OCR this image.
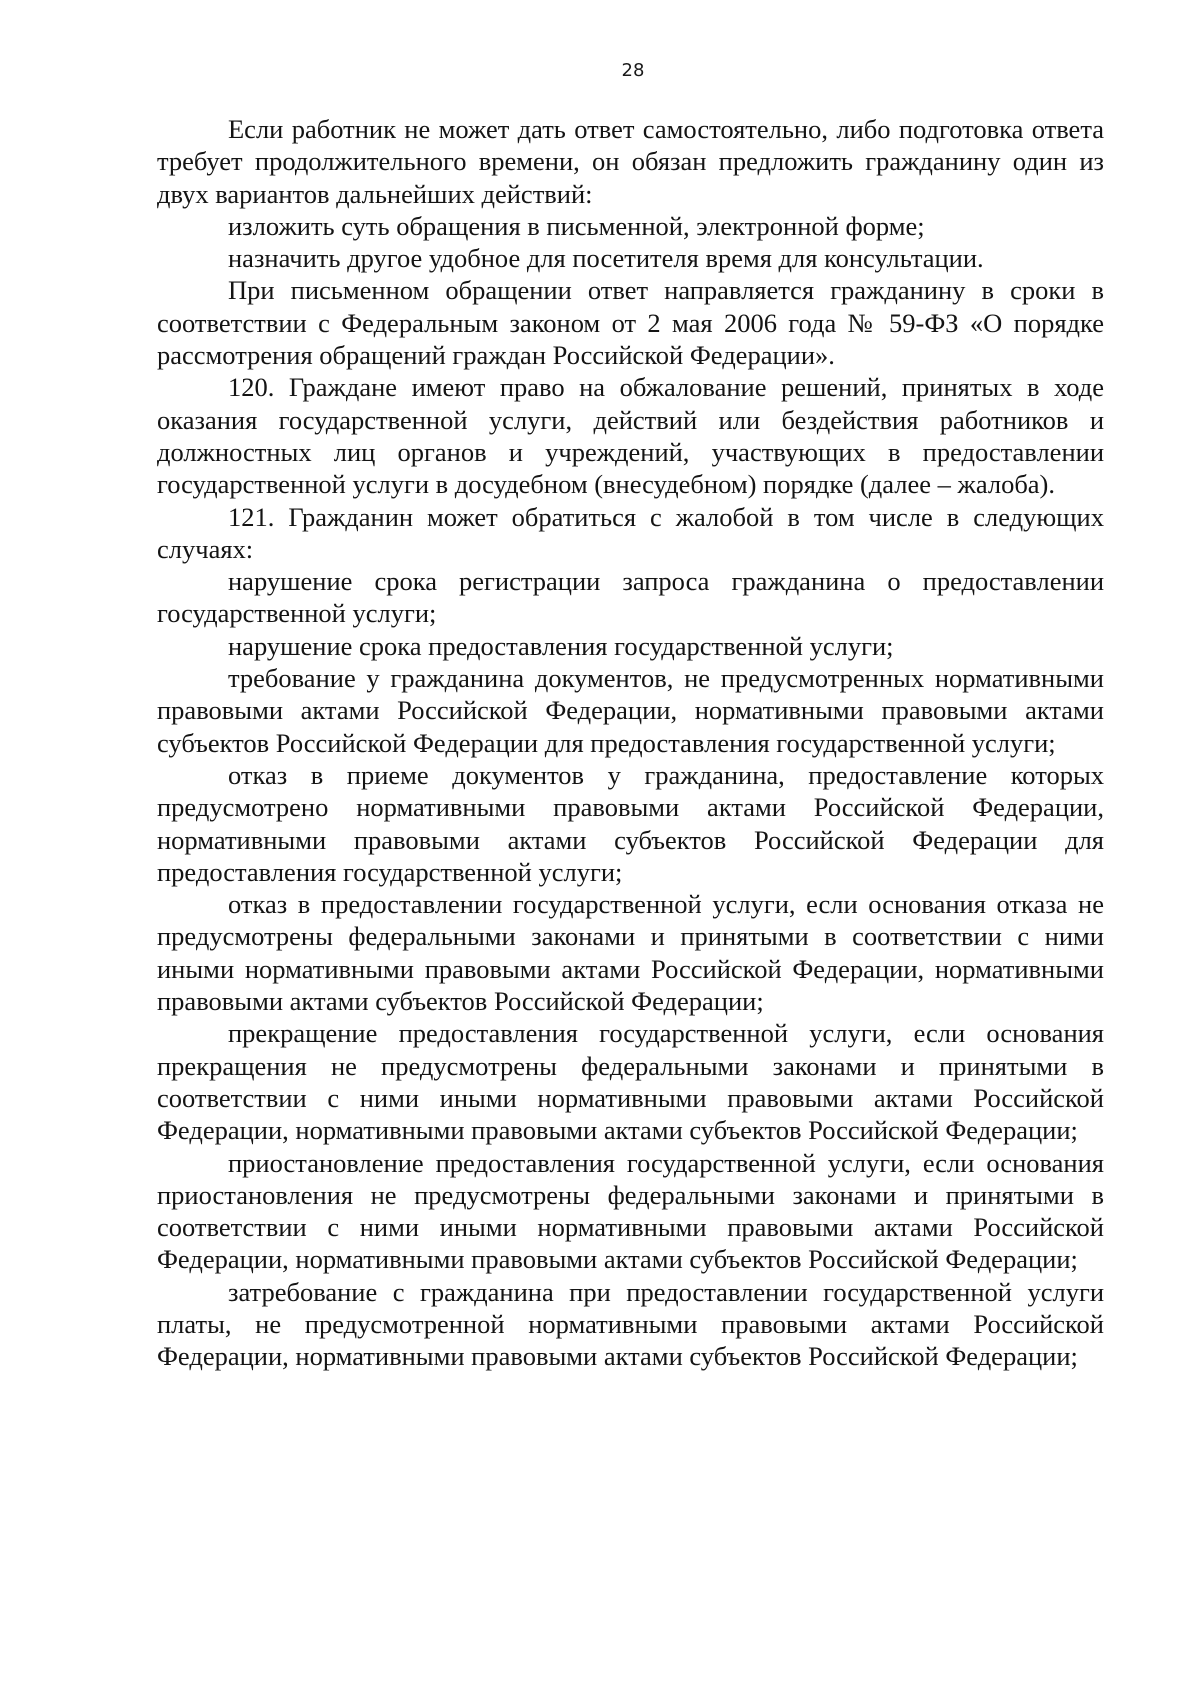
28

Если работник не может дать ответ самостоятельно, либо подготовка ответа требует продолжительного времени, он обязан предложить гражданину один из двух вариантов дальнейших действий:

изложить суть обращения в письменной, электронной форме;

назначить другое удобное для посетителя время для консультации.

При письменном обращении ответ направляется гражданину в сроки в соответствии с Федеральным законом от 2 мая 2006 года № 59-ФЗ «О порядке рассмотрения обращений граждан Российской Федерации».

120. Граждане имеют право на обжалование решений, принятых в ходе оказания государственной услуги, действий или бездействия работников и должностных лиц органов и учреждений, участвующих в предоставлении государственной услуги в досудебном (внесудебном) порядке (далее – жалоба).

121. Гражданин может обратиться с жалобой в том числе в следующих случаях:

нарушение срока регистрации запроса гражданина о предоставлении государственной услуги;

нарушение срока предоставления государственной услуги;

требование у гражданина документов, не предусмотренных нормативными правовыми актами Российской Федерации, нормативными правовыми актами субъектов Российской Федерации для предоставления государственной услуги;

отказ в приеме документов у гражданина, предоставление которых предусмотрено нормативными правовыми актами Российской Федерации, нормативными правовыми актами субъектов Российской Федерации для предоставления государственной услуги;

отказ в предоставлении государственной услуги, если основания отказа не предусмотрены федеральными законами и принятыми в соответствии с ними иными нормативными правовыми актами Российской Федерации, нормативными правовыми актами субъектов Российской Федерации;

прекращение предоставления государственной услуги, если основания прекращения не предусмотрены федеральными законами и принятыми в соответствии с ними иными нормативными правовыми актами Российской Федерации, нормативными правовыми актами субъектов Российской Федерации;

приостановление предоставления государственной услуги, если основания приостановления не предусмотрены федеральными законами и принятыми в соответствии с ними иными нормативными правовыми актами Российской Федерации, нормативными правовыми актами субъектов Российской Федерации;

затребование с гражданина при предоставлении государственной услуги платы, не предусмотренной нормативными правовыми актами Российской Федерации, нормативными правовыми актами субъектов Российской Федерации;
